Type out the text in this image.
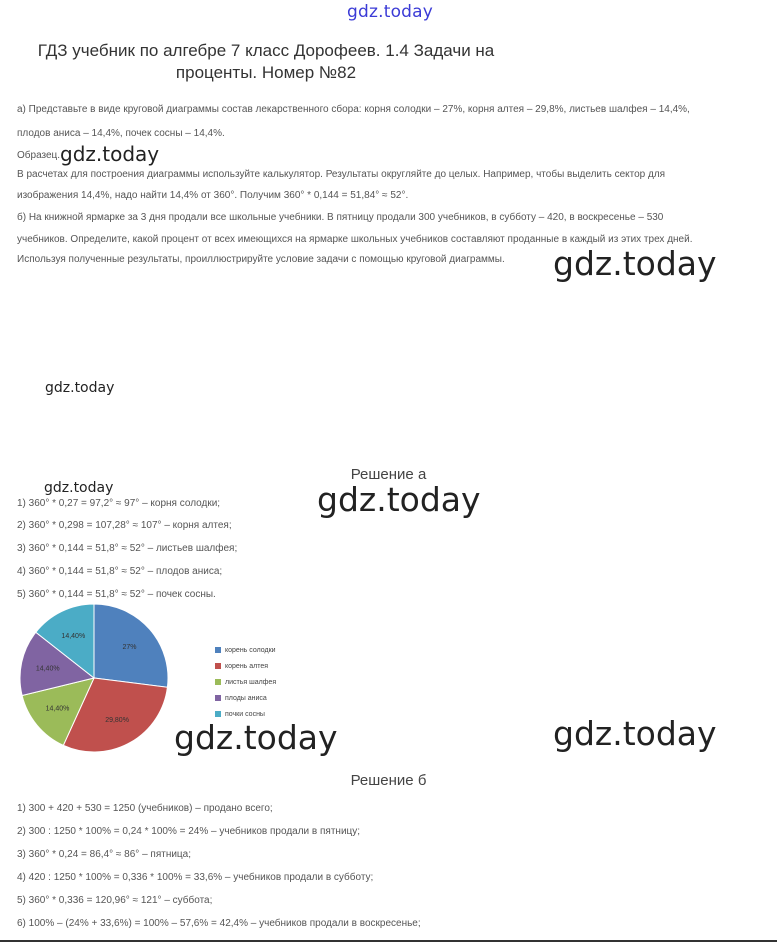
gdz.today
ГДЗ учебник по алгебре 7 класс Дорофеев. 1.4 Задачи на
проценты. Номер №82
а) Представьте в виде круговой диаграммы состав лекарственного сбора: корня солодки – 27%, корня алтея – 29,8%, листьев шалфея – 14,4%,
плодов аниса – 14,4%, почек сосны – 14,4%.
Образец. gdz.today
В расчетах для построения диаграммы используйте калькулятор. Результаты округляйте до целых. Например, чтобы выделить сектор для
изображения 14,4%, надо найти 14,4% от 360°. Получим 360° * 0,144 = 51,84° ≈ 52°.
б) На книжной ярмарке за 3 дня продали все школьные учебники. В пятницу продали 300 учебников, в субботу – 420, в воскресенье – 530
учебников. Определите, какой процент от всех имеющихся на ярмарке школьных учебников составляют проданные в каждый из этих трех дней.
Используя полученные результаты, проиллюстрируйте условие задачи с помощью круговой диаграммы. gdz.today
gdz.today
Решение а
gdz.today	gdz.today
1) 360° * 0,27 = 97,2° ≈ 97° – корня солодки;
2) 360° * 0,298 = 107,28° ≈ 107° – корня алтея;
3) 360° * 0,144 = 51,8° ≈ 52° – листьев шалфея;
4) 360° * 0,144 = 51,8° ≈ 52° – плодов аниса;
5) 360° * 0,144 = 51,8° ≈ 52° – почек сосны.
27%
29,80%
14,40%
14,40%
14,40%
корень солодки
корень алтея
листья шалфея
плоды аниса
почки сосны
gdz.today	gdz.today
Решение б
1) 300 + 420 + 530 = 1250 (учебников) – продано всего;
2) 300 : 1250 * 100% = 0,24 * 100% = 24% – учебников продали в пятницу;
3) 360° * 0,24 = 86,4° ≈ 86° – пятница;
4) 420 : 1250 * 100% = 0,336 * 100% = 33,6% – учебников продали в субботу;
5) 360° * 0,336 = 120,96° ≈ 121° – суббота;
6) 100% – (24% + 33,6%) = 100% – 57,6% = 42,4% – учебников продали в воскресенье;
